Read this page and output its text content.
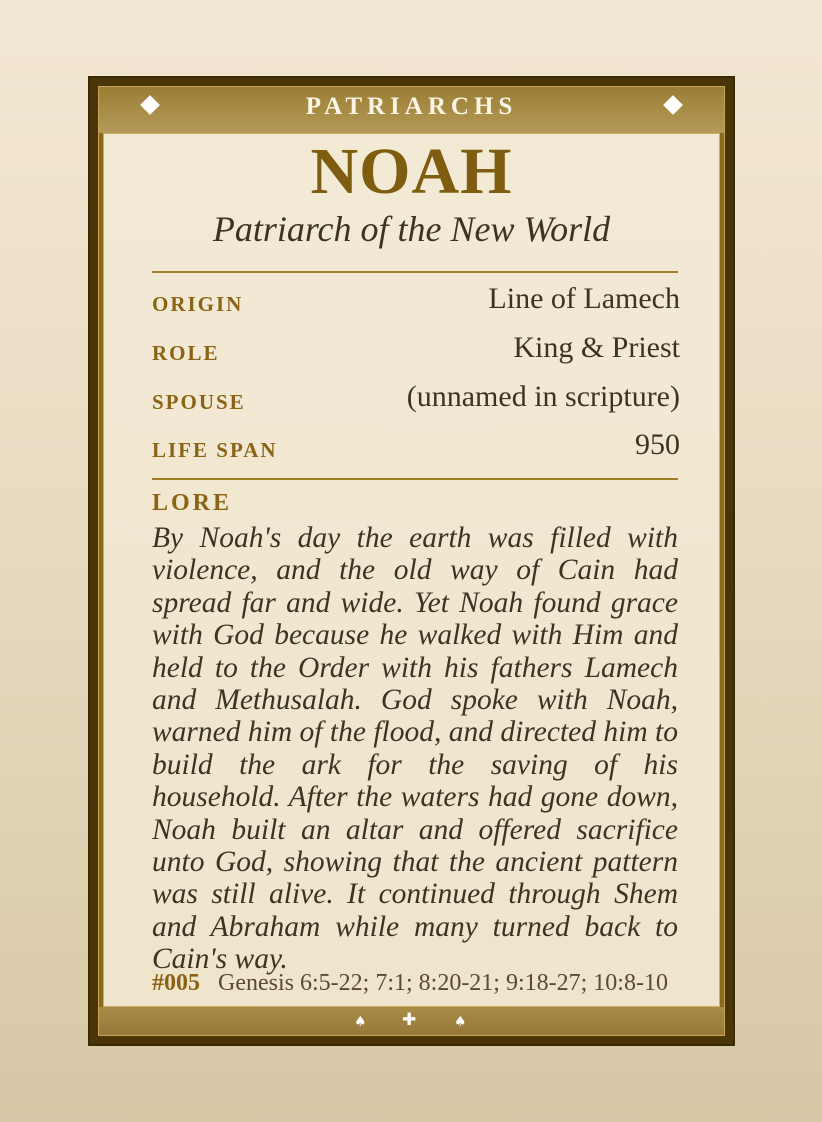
PATRIARCHS
NOAH
Patriarch of the New World
ORIGIN	Line of Lamech
ROLE	King & Priest
SPOUSE	(unnamed in scripture)
LIFE SPAN	950
LORE
By Noah's day the earth was filled with violence, and the old way of Cain had spread far and wide. Yet Noah found grace with God because he walked with Him and held to the Order with his fathers Lamech and Methusalah. God spoke with Noah, warned him of the flood, and directed him to build the ark for the saving of his household. After the waters had gone down, Noah built an altar and offered sacrifice unto God, showing that the ancient pattern was still alive. It continued through Shem and Abraham while many turned back to Cain's way.
#005 Genesis 6:5-22; 7:1; 8:20-21; 9:18-27; 10:8-10
♠ ✚	♠
